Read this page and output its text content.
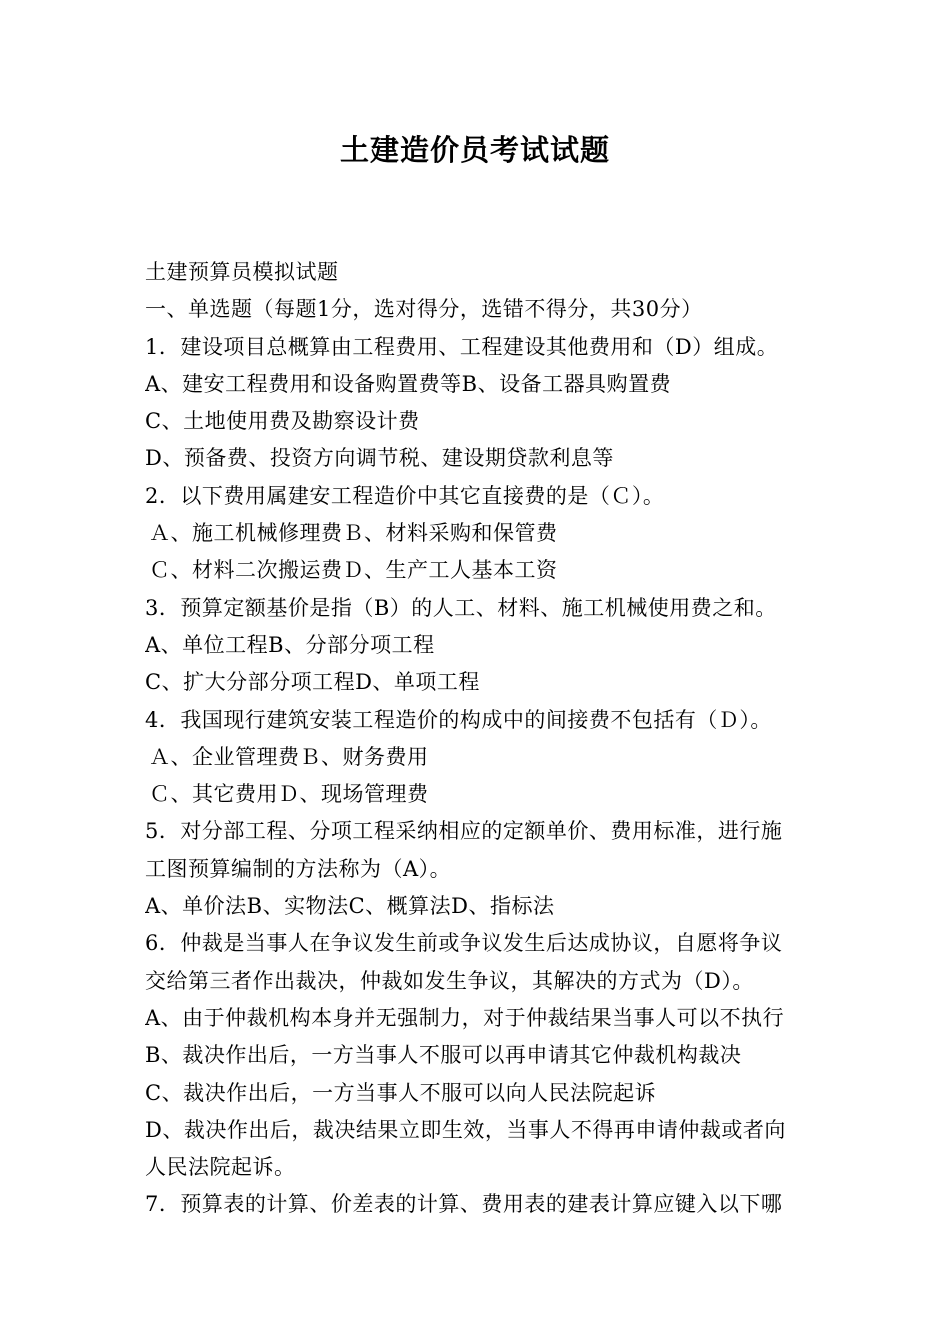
土建造价员考试试题
土建预算员模拟试题
一、单选题（每题1分，选对得分，选错不得分，共30分）
1．建设项目总概算由工程费用、工程建设其他费用和（D）组成。
A、建安工程费用和设备购置费等B、设备工器具购置费
C、土地使用费及勘察设计费
D、预备费、投资方向调节税、建设期贷款利息等
2．以下费用属建安工程造价中其它直接费的是（Ｃ）。
Ａ、施工机械修理费Ｂ、材料采购和保管费
Ｃ、材料二次搬运费Ｄ、生产工人基本工资
3．预算定额基价是指（B）的人工、材料、施工机械使用费之和。
A、单位工程B、分部分项工程
C、扩大分部分项工程D、单项工程
4．我国现行建筑安装工程造价的构成中的间接费不包括有（Ｄ）。
Ａ、企业管理费Ｂ、财务费用
Ｃ、其它费用Ｄ、现场管理费
5．对分部工程、分项工程采纳相应的定额单价、费用标准，进行施
工图预算编制的方法称为（A）。
A、单价法B、实物法C、概算法D、指标法
6．仲裁是当事人在争议发生前或争议发生后达成协议，自愿将争议
交给第三者作出裁决，仲裁如发生争议，其解决的方式为（D）。
A、由于仲裁机构本身并无强制力，对于仲裁结果当事人可以不执行
B、裁决作出后，一方当事人不服可以再申请其它仲裁机构裁决
C、裁决作出后，一方当事人不服可以向人民法院起诉
D、裁决作出后，裁决结果立即生效，当事人不得再申请仲裁或者向
人民法院起诉。
7．预算表的计算、价差表的计算、费用表的建表计算应键入以下哪
